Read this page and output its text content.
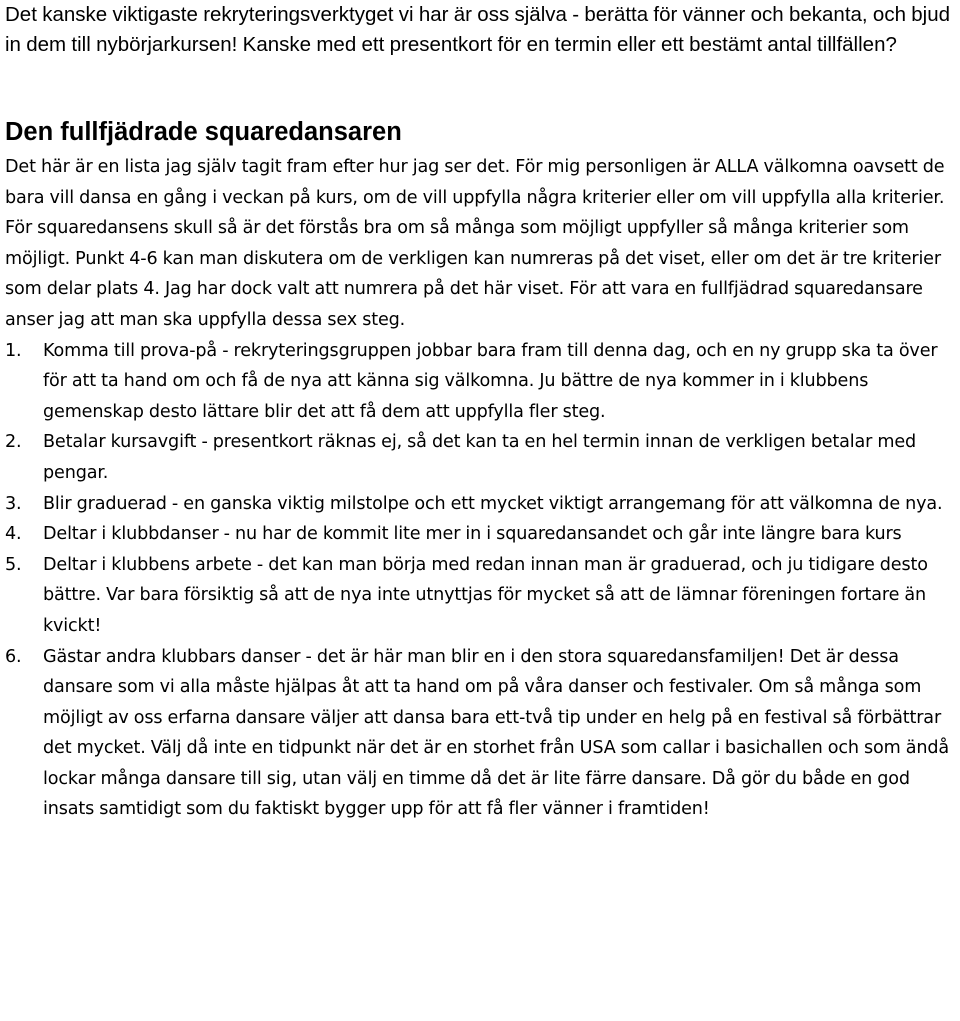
Det kanske viktigaste rekryteringsverktyget vi har är oss själva - berätta för vänner och bekanta, och bjud in dem till nybörjarkursen! Kanske med ett presentkort för en termin eller ett bestämt antal tillfällen?

Den fullfjädrade squaredansaren

Det här är en lista jag själv tagit fram efter hur jag ser det. För mig personligen är ALLA välkomna oavsett de bara vill dansa en gång i veckan på kurs, om de vill uppfylla några kriterier eller om vill uppfylla alla kriterier. För squaredansens skull så är det förstås bra om så många som möjligt uppfyller så många kriterier som möjligt. Punkt 4-6 kan man diskutera om de verkligen kan numreras på det viset, eller om det är tre kriterier som delar plats 4. Jag har dock valt att numrera på det här viset. För att vara en fullfjädrad squaredansare anser jag att man ska uppfylla dessa sex steg.

1.	Komma till prova-på - rekryteringsgruppen jobbar bara fram till denna dag, och en ny grupp ska ta över för att ta hand om och få de nya att känna sig välkomna. Ju bättre de nya kommer in i klubbens gemenskap desto lättare blir det att få dem att uppfylla fler steg.
2.	Betalar kursavgift - presentkort räknas ej, så det kan ta en hel termin innan de verkligen betalar med pengar.
3.	Blir graduerad - en ganska viktig milstolpe och ett mycket viktigt arrangemang för att välkomna de nya.
4.	Deltar i klubbdanser - nu har de kommit lite mer in i squaredansandet och går inte längre bara kurs
5.	Deltar i klubbens arbete - det kan man börja med redan innan man är graduerad, och ju tidigare desto bättre. Var bara försiktig så att de nya inte utnyttjas för mycket så att de lämnar föreningen fortare än kvickt!
6.	Gästar andra klubbars danser - det är här man blir en i den stora squaredansfamiljen! Det är dessa dansare som vi alla måste hjälpas åt att ta hand om på våra danser och festivaler. Om så många som möjligt av oss erfarna dansare väljer att dansa bara ett-två tip under en helg på en festival så förbättrar det mycket. Välj då inte en tidpunkt när det är en storhet från USA som callar i basichallen och som ändå lockar många dansare till sig, utan välj en timme då det är lite färre dansare. Då gör du både en god insats samtidigt som du faktiskt bygger upp för att få fler vänner i framtiden!
